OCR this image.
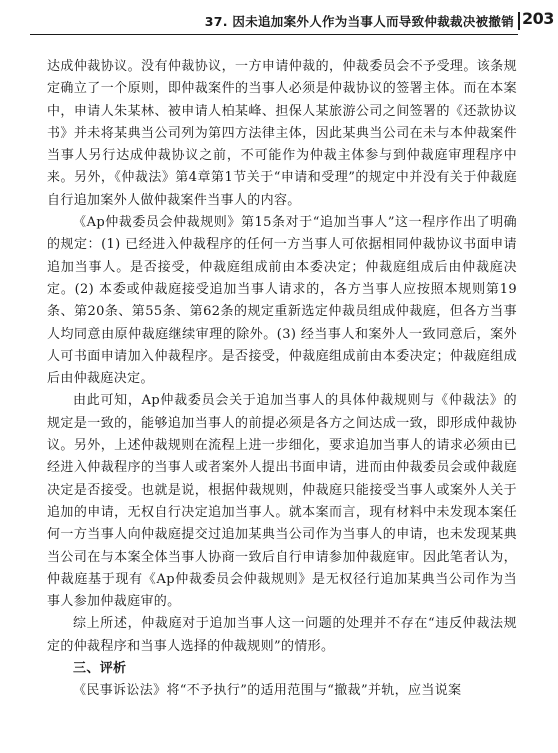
37. 因未追加案外人作为当事人而导致仲裁裁决被撤销 203

达成仲裁协议。没有仲裁协议，一方申请仲裁的，仲裁委员会不予受理。该条规定确立了一个原则，即仲裁案件的当事人必须是仲裁协议的签署主体。而在本案中，申请人朱某林、被申请人柏某峰、担保人某旅游公司之间签署的《还款协议书》并未将某典当公司列为第四方法律主体，因此某典当公司在未与本仲裁案件当事人另行达成仲裁协议之前，不可能作为仲裁主体参与到仲裁庭审理程序中来。另外，《仲裁法》第4章第1节关于“申请和受理”的规定中并没有关于仲裁庭自行追加案外人做仲裁案件当事人的内容。

《Ap仲裁委员会仲裁规则》第15条对于“追加当事人”这一程序作出了明确的规定：(1) 已经进入仲裁程序的任何一方当事人可依据相同仲裁协议书面申请追加当事人。是否接受，仲裁庭组成前由本委决定；仲裁庭组成后由仲裁庭决定。(2) 本委或仲裁庭接受追加当事人请求的，各方当事人应按照本规则第19条、第20条、第55条、第62条的规定重新选定仲裁员组成仲裁庭，但各方当事人均同意由原仲裁庭继续审理的除外。(3) 经当事人和案外人一致同意后，案外人可书面申请加入仲裁程序。是否接受，仲裁庭组成前由本委决定；仲裁庭组成后由仲裁庭决定。

由此可知，Ap仲裁委员会关于追加当事人的具体仲裁规则与《仲裁法》的规定是一致的，能够追加当事人的前提必须是各方之间达成一致，即形成仲裁协议。另外，上述仲裁规则在流程上进一步细化，要求追加当事人的请求必须由已经进入仲裁程序的当事人或者案外人提出书面申请，进而由仲裁委员会或仲裁庭决定是否接受。也就是说，根据仲裁规则，仲裁庭只能接受当事人或案外人关于追加的申请，无权自行决定追加当事人。就本案而言，现有材料中未发现本案任何一方当事人向仲裁庭提交过追加某典当公司作为当事人的申请，也未发现某典当公司在与本案全体当事人协商一致后自行申请参加仲裁庭审。因此笔者认为，仲裁庭基于现有《Ap仲裁委员会仲裁规则》是无权径行追加某典当公司作为当事人参加仲裁庭审的。

综上所述，仲裁庭对于追加当事人这一问题的处理并不存在“违反仲裁法规定的仲裁程序和当事人选择的仲裁规则”的情形。

三、评析

《民事诉讼法》将“不予执行”的适用范围与“撤裁”并轨，应当说案
